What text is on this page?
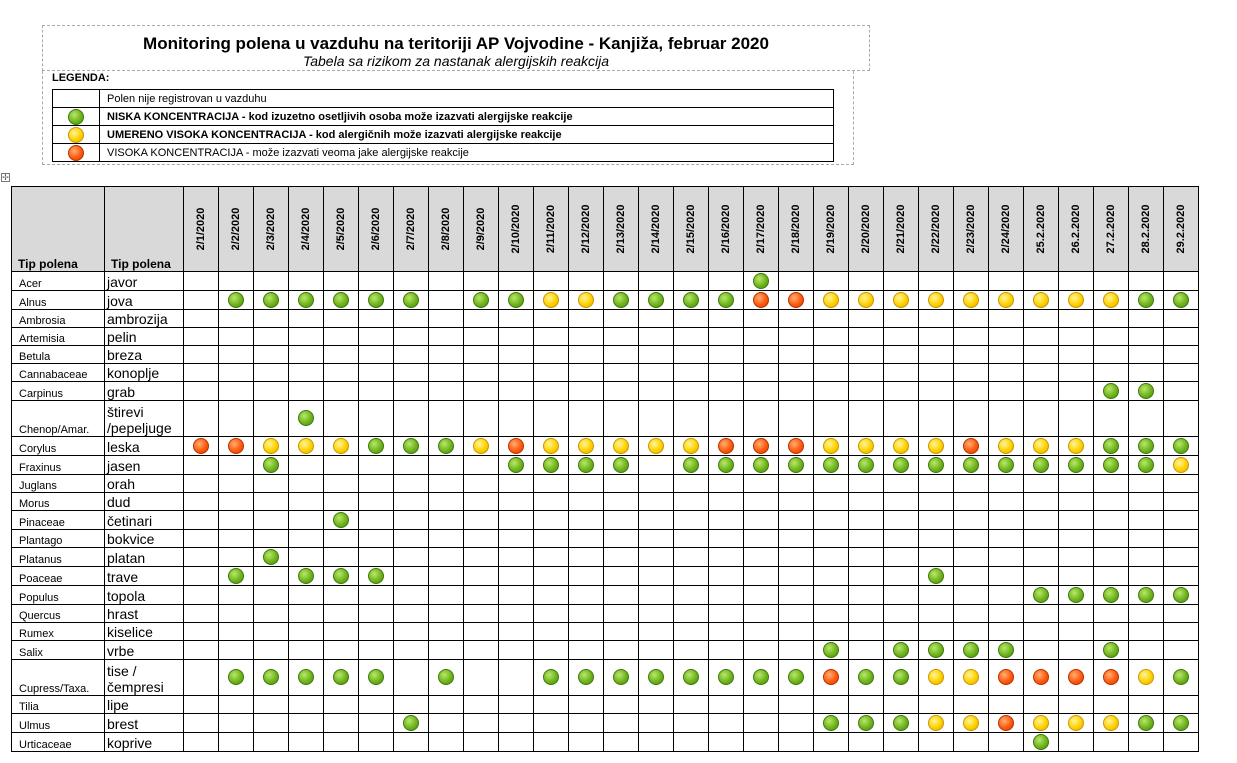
Monitoring polena u vazduhu na teritoriji AP Vojvodine - Kanjiža, februar 2020
Tabela sa rizikom za nastanak alergijskih reakcija
LEGENDA:
	Polen nije registrovan u vazduhu
	NISKA KONCENTRACIJA - kod izuzetno osetljivih osoba može izazvati alergijske reakcije
	UMERENO VISOKA KONCENTRACIJA - kod alergičnih može izazvati alergijske reakcije
	VISOKA KONCENTRACIJA - može izazvati veoma jake alergijske reakcije
✢
Tip polena	Tip polena	2/1/2020	2/2/2020	2/3/2020	2/4/2020	2/5/2020	2/6/2020	2/7/2020	2/8/2020	2/9/2020	2/10/2020	2/11/2020	2/12/2020	2/13/2020	2/14/2020	2/15/2020	2/16/2020	2/17/2020	2/18/2020	2/19/2020	2/20/2020	2/21/2020	2/22/2020	2/23/2020	2/24/2020	25.2.2020	26.2.2020	27.2.2020	28.2.2020	29.2.2020

Acer	javor																													
Alnus	jova																													
Ambrosia	ambrozija																													
Artemisia	pelin																													
Betula	breza																													
Cannabaceae	konoplje																													
Carpinus	grab																													
Chenop/Amar.	štirevi /pepeljuge																													
Corylus	leska																													
Fraxinus	jasen																													
Juglans	orah																													
Morus	dud																													
Pinaceae	četinari																													
Plantago	bokvice																													
Platanus	platan																													
Poaceae	trave																													
Populus	topola																													
Quercus	hrast																													
Rumex	kiselice																													
Salix	vrbe																													
Cupress/Taxa.	tise / čempresi																													
Tilia	lipe																													
Ulmus	brest																													
Urticaceae	koprive																													
